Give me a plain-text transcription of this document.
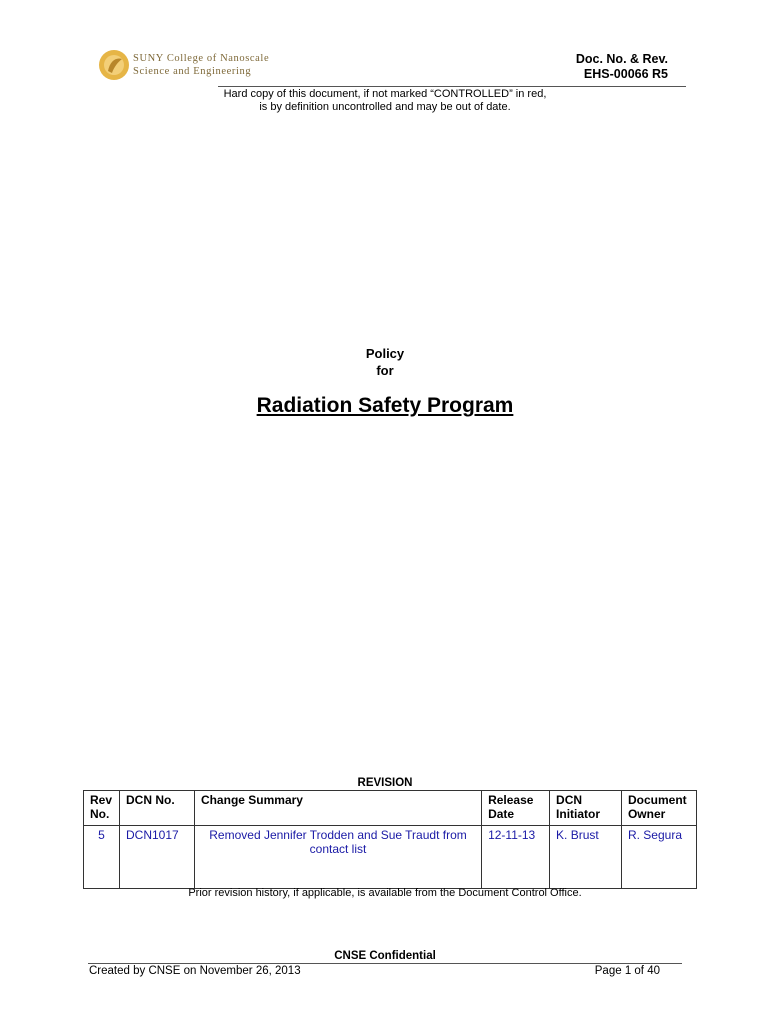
SUNY College of Nanoscale
Science and Engineering
Doc. No. & Rev.
EHS-00066 R5
Hard copy of this document, if not marked “CONTROLLED” in red,
is by definition uncontrolled and may be out of date.
Policy
for
Radiation Safety Program
REVISION
Rev No.	DCN No.	Change Summary	Release Date	DCN Initiator	Document Owner
5	DCN1017	Removed Jennifer Trodden and Sue Traudt from contact list	12-11-13	K. Brust	R. Segura
Prior revision history, if applicable, is available from the Document Control Office.
CNSE Confidential
Created by CNSE on November 26, 2013	Page 1 of 40
